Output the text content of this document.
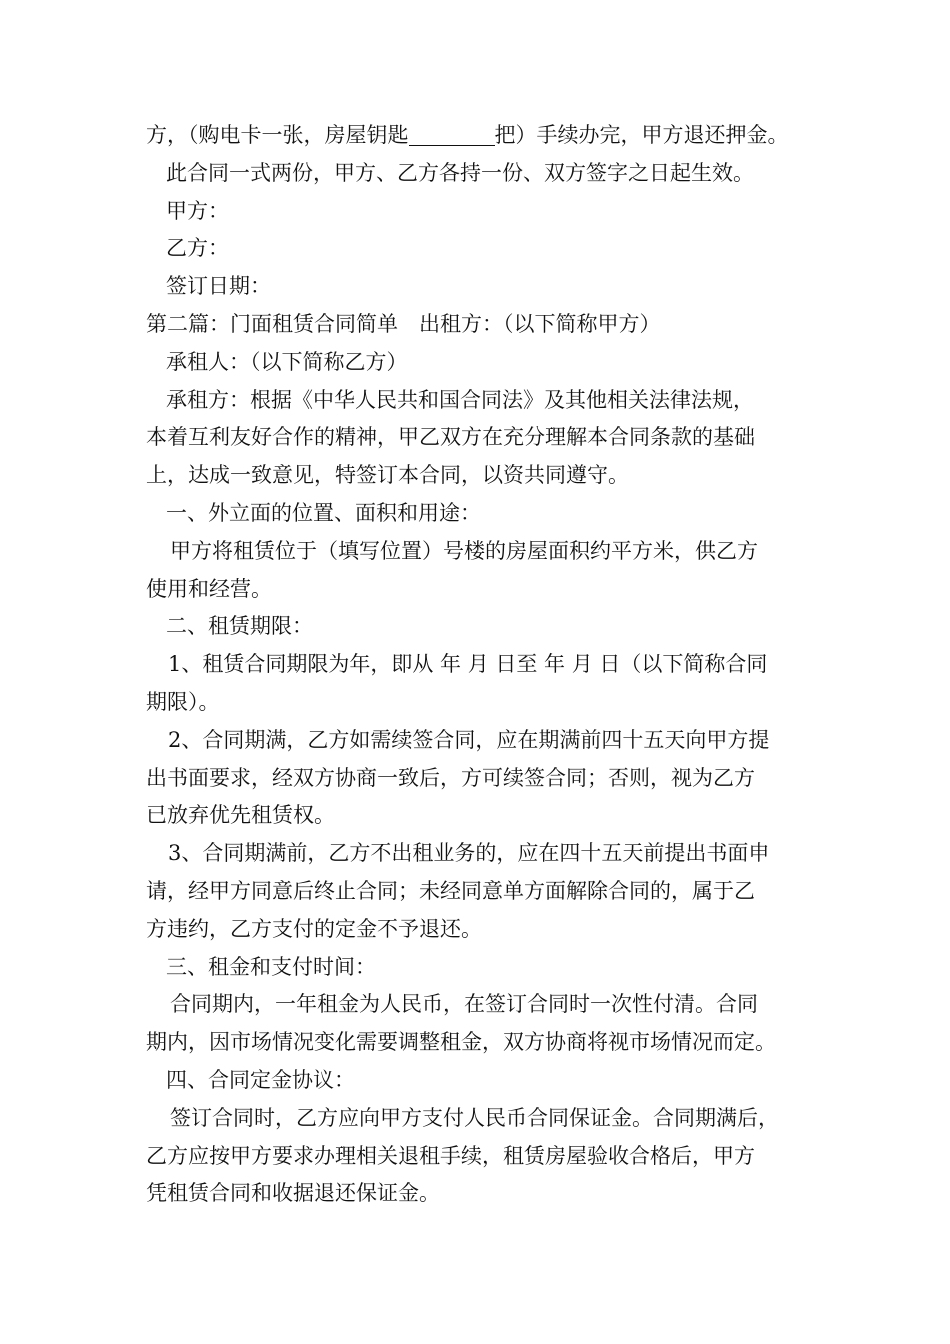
方，（购电卡一张，房屋钥匙	把）手续办完，甲方退还押金。
此合同一式两份，甲方、乙方各持一份、双方签字之日起生效。
甲方：
乙方：
签订日期：
第二篇：门面租赁合同简单　出租方：（以下简称甲方）
承租人：（以下简称乙方）
承租方：根据《中华人民共和国合同法》及其他相关法律法规，
本着互利友好合作的精神，甲乙双方在充分理解本合同条款的基础
上，达成一致意见，特签订本合同，以资共同遵守。
一、外立面的位置、面积和用途：
甲方将租赁位于（填写位置）号楼的房屋面积约平方米，供乙方
使用和经营。
二、租赁期限：
1、租赁合同期限为年，即从 年 月 日至 年 月 日（以下简称合同
期限）。
2、合同期满，乙方如需续签合同，应在期满前四十五天向甲方提
出书面要求，经双方协商一致后，方可续签合同；否则，视为乙方
已放弃优先租赁权。
3、合同期满前，乙方不出租业务的，应在四十五天前提出书面申
请，经甲方同意后终止合同；未经同意单方面解除合同的，属于乙
方违约，乙方支付的定金不予退还。
三、租金和支付时间：
合同期内，一年租金为人民币，在签订合同时一次性付清。合同
期内，因市场情况变化需要调整租金，双方协商将视市场情况而定。
四、合同定金协议：
签订合同时，乙方应向甲方支付人民币合同保证金。合同期满后，
乙方应按甲方要求办理相关退租手续，租赁房屋验收合格后，甲方
凭租赁合同和收据退还保证金。
